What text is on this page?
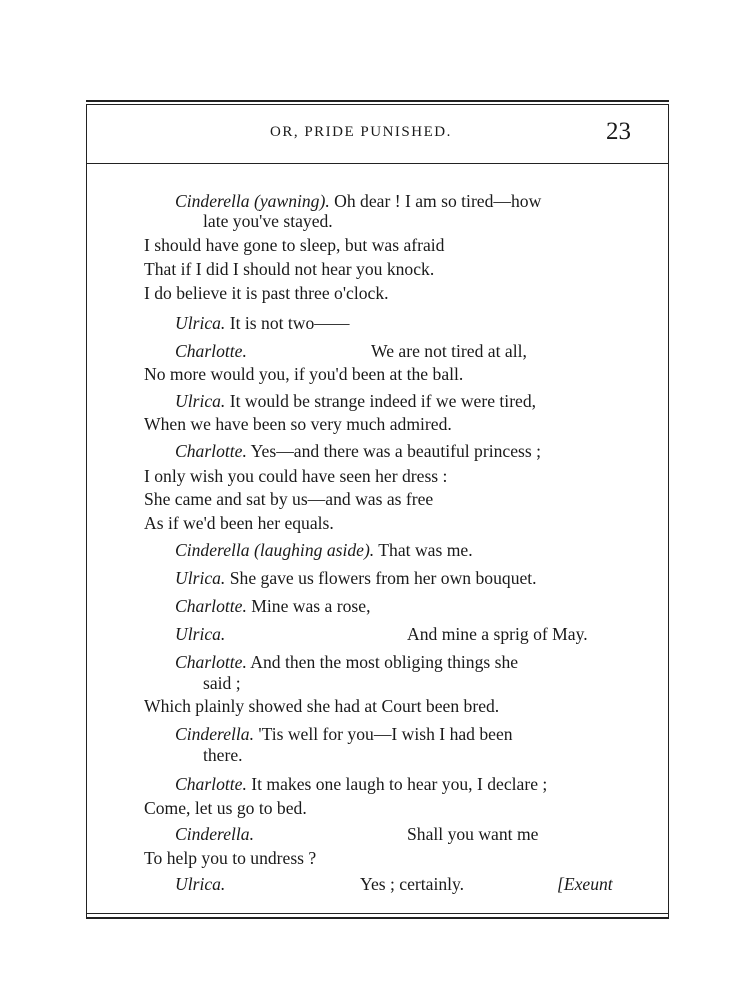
OR, PRIDE PUNISHED.	23
Cinderella (yawning). Oh dear ! I am so tired—how
late you've stayed.
I should have gone to sleep, but was afraid
That if I did I should not hear you knock.
I do believe it is past three o'clock.
Ulrica. It is not two——
Charlotte.	We are not tired at all,
No more would you, if you'd been at the ball.
Ulrica. It would be strange indeed if we were tired,
When we have been so very much admired.
Charlotte. Yes—and there was a beautiful princess ;
I only wish you could have seen her dress :
She came and sat by us—and was as free
As if we'd been her equals.
Cinderella (laughing aside). That was me.
Ulrica. She gave us flowers from her own bouquet.
Charlotte. Mine was a rose,
Ulrica.	And mine a sprig of May.
Charlotte. And then the most obliging things she
said ;
Which plainly showed she had at Court been bred.
Cinderella. 'Tis well for you—I wish I had been
there.
Charlotte. It makes one laugh to hear you, I declare ;
Come, let us go to bed.
Cinderella.	Shall you want me
To help you to undress ?
Ulrica.	Yes ; certainly.	[Exeunt
